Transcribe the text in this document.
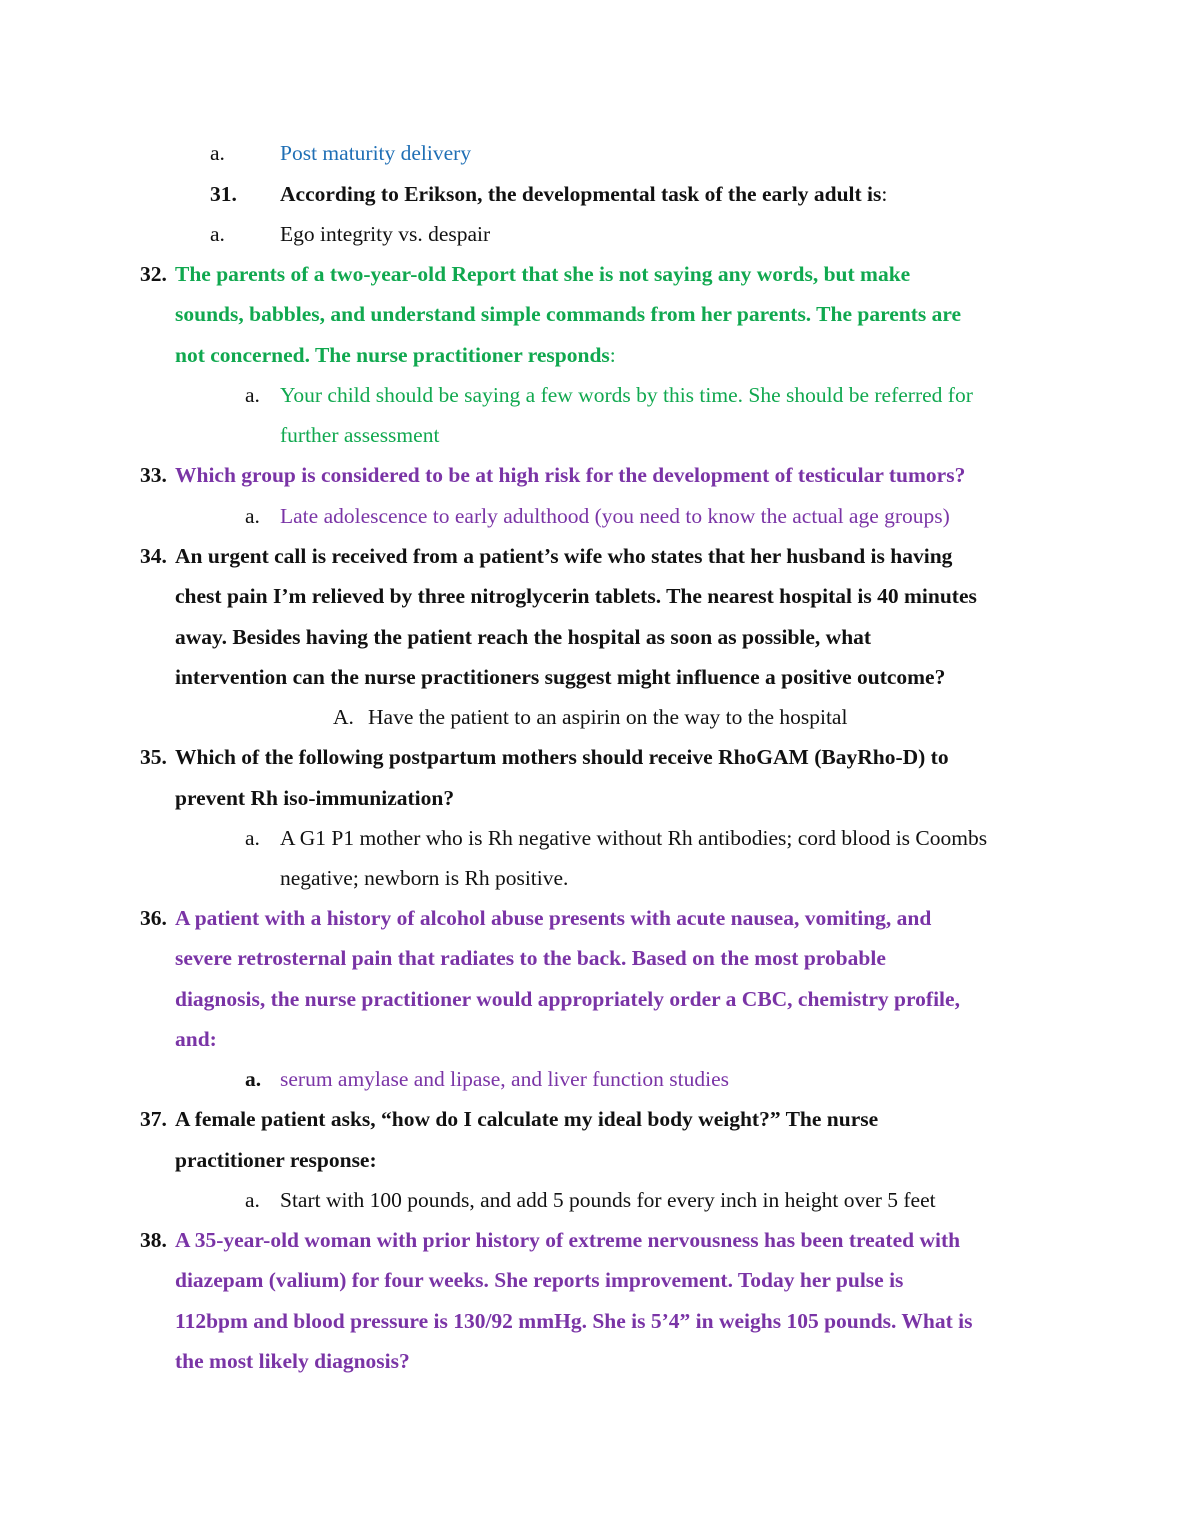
a.	Post maturity delivery
31. According to Erikson, the developmental task of the early adult is:
a.	Ego integrity vs. despair
32. The parents of a two-year-old Report that she is not saying any words, but make
sounds, babbles, and understand simple commands from her parents. The parents are
not concerned. The nurse practitioner responds:
a. Your child should be saying a few words by this time. She should be referred for
further assessment
33. Which group is considered to be at high risk for the development of testicular tumors?
a. Late adolescence to early adulthood (you need to know the actual age groups)
34. An urgent call is received from a patient’s wife who states that her husband is having
chest pain I’m relieved by three nitroglycerin tablets. The nearest hospital is 40 minutes
away. Besides having the patient reach the hospital as soon as possible, what
intervention can the nurse practitioners suggest might influence a positive outcome?
A. Have the patient to an aspirin on the way to the hospital
35. Which of the following postpartum mothers should receive RhoGAM (BayRho-D) to
prevent Rh iso-immunization?
a. A G1 P1 mother who is Rh negative without Rh antibodies; cord blood is Coombs
negative; newborn is Rh positive.
36. A patient with a history of alcohol abuse presents with acute nausea, vomiting, and
severe retrosternal pain that radiates to the back. Based on the most probable
diagnosis, the nurse practitioner would appropriately order a CBC, chemistry profile,
and:
a. serum amylase and lipase, and liver function studies
37. A female patient asks, “how do I calculate my ideal body weight?” The nurse
practitioner response:
a. Start with 100 pounds, and add 5 pounds for every inch in height over 5 feet
38. A 35-year-old woman with prior history of extreme nervousness has been treated with
diazepam (valium) for four weeks. She reports improvement. Today her pulse is
112bpm and blood pressure is 130/92 mmHg. She is 5’4” in weighs 105 pounds. What is
the most likely diagnosis?
